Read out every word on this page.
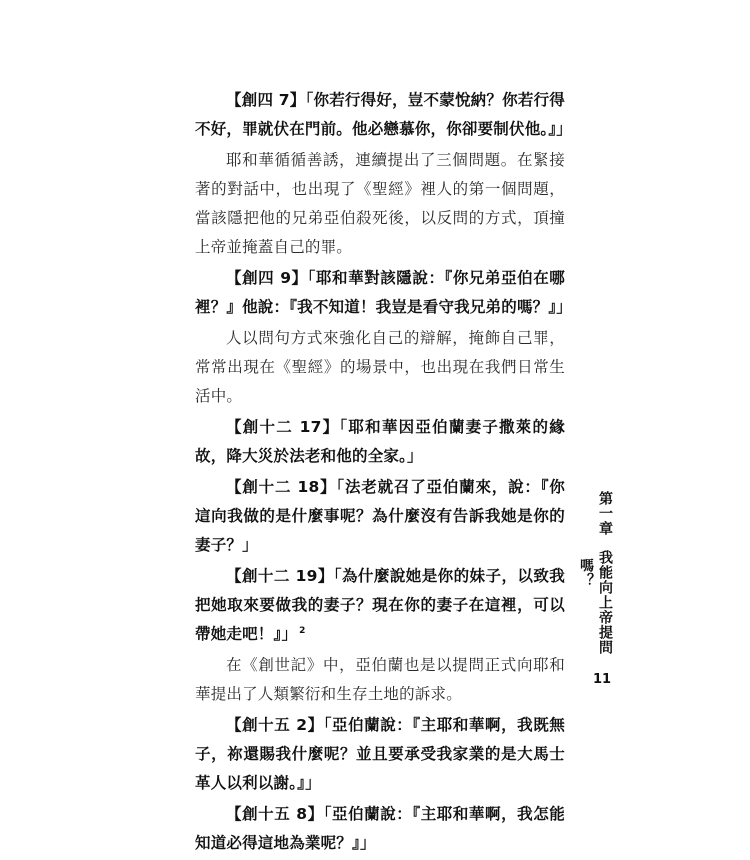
【創四 7】「你若行得好，豈不蒙悅納？你若行得不好，罪就伏在門前。他必戀慕你，你卻要制伏他。』」

耶和華循循善誘，連續提出了三個問題。在緊接著的對話中，也出現了《聖經》裡人的第一個問題，當該隱把他的兄弟亞伯殺死後，以反問的方式，頂撞上帝並掩蓋自己的罪。

【創四 9】「耶和華對該隱說：『你兄弟亞伯在哪裡？』他說：『我不知道！我豈是看守我兄弟的嗎？』」

人以問句方式來強化自己的辯解，掩飾自己罪，常常出現在《聖經》的場景中，也出現在我們日常生活中。

【創十二 17】「耶和華因亞伯蘭妻子撒萊的緣故，降大災於法老和他的全家。」

【創十二 18】「法老就召了亞伯蘭來，說：『你這向我做的是什麼事呢？為什麼沒有告訴我她是你的妻子？」

【創十二 19】「為什麼說她是你的妹子，以致我把她取來要做我的妻子？現在你的妻子在這裡，可以帶她走吧！』」 $^2$

在《創世記》中，亞伯蘭也是以提問正式向耶和華提出了人類繁衍和生存土地的訴求。

【創十五 2】「亞伯蘭說：『主耶和華啊，我既無子，祢還賜我什麼呢？並且要承受我家業的是大馬士革人以利以謝。』」

【創十五 8】「亞伯蘭說：『主耶和華啊，我怎能知道必得這地為業呢？』」

第一章我能向上帝提問嗎？
11
